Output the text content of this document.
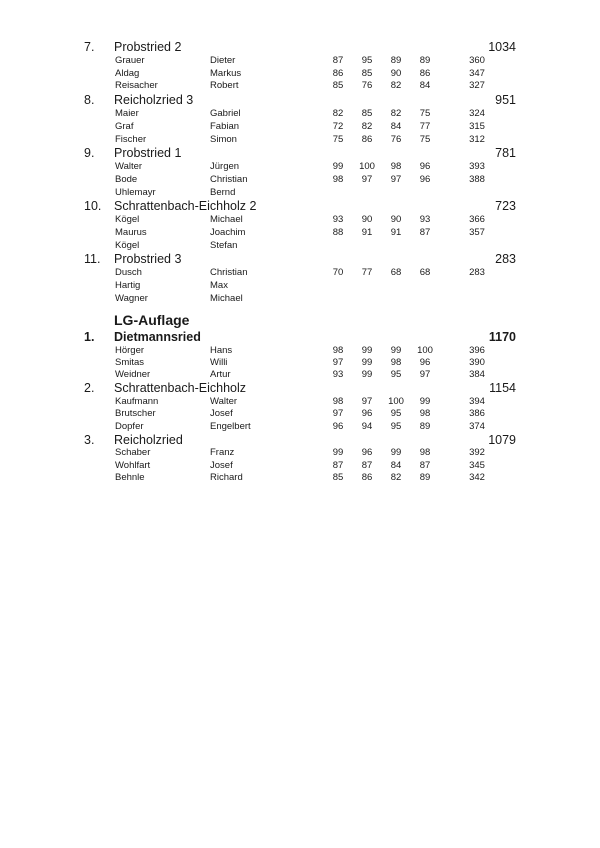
7. Probstried 2	1034
Grauer	Dieter	87	95	89	89	360
Aldag	Markus	86	85	90	86	347
Reisacher	Robert	85	76	82	84	327
8. Reicholzried 3	951
Maier	Gabriel	82	85	82	75	324
Graf	Fabian	72	82	84	77	315
Fischer	Simon	75	86	76	75	312
9. Probstried 1	781
Walter	Jürgen	99	100	98	96	393
Bode	Christian	98	97	97	96	388
Uhlemayr	Bernd
10. Schrattenbach-Eichholz 2	723
Kögel	Michael	93	90	90	93	366
Maurus	Joachim	88	91	91	87	357
Kögel	Stefan
11. Probstried 3	283
Dusch	Christian	70	77	68	68	283
Hartig	Max
Wagner	Michael
LG-Auflage
1. Dietmannsried	1170
Hörger	Hans	98	99	99	100	396
Smitas	Willi	97	99	98	96	390
Weidner	Artur	93	99	95	97	384
2. Schrattenbach-Eichholz	1154
Kaufmann	Walter	98	97	100	99	394
Brutscher	Josef	97	96	95	98	386
Dopfer	Engelbert	96	94	95	89	374
3. Reicholzried	1079
Schaber	Franz	99	96	99	98	392
Wohlfart	Josef	87	87	84	87	345
Behnle	Richard	85	86	82	89	342
